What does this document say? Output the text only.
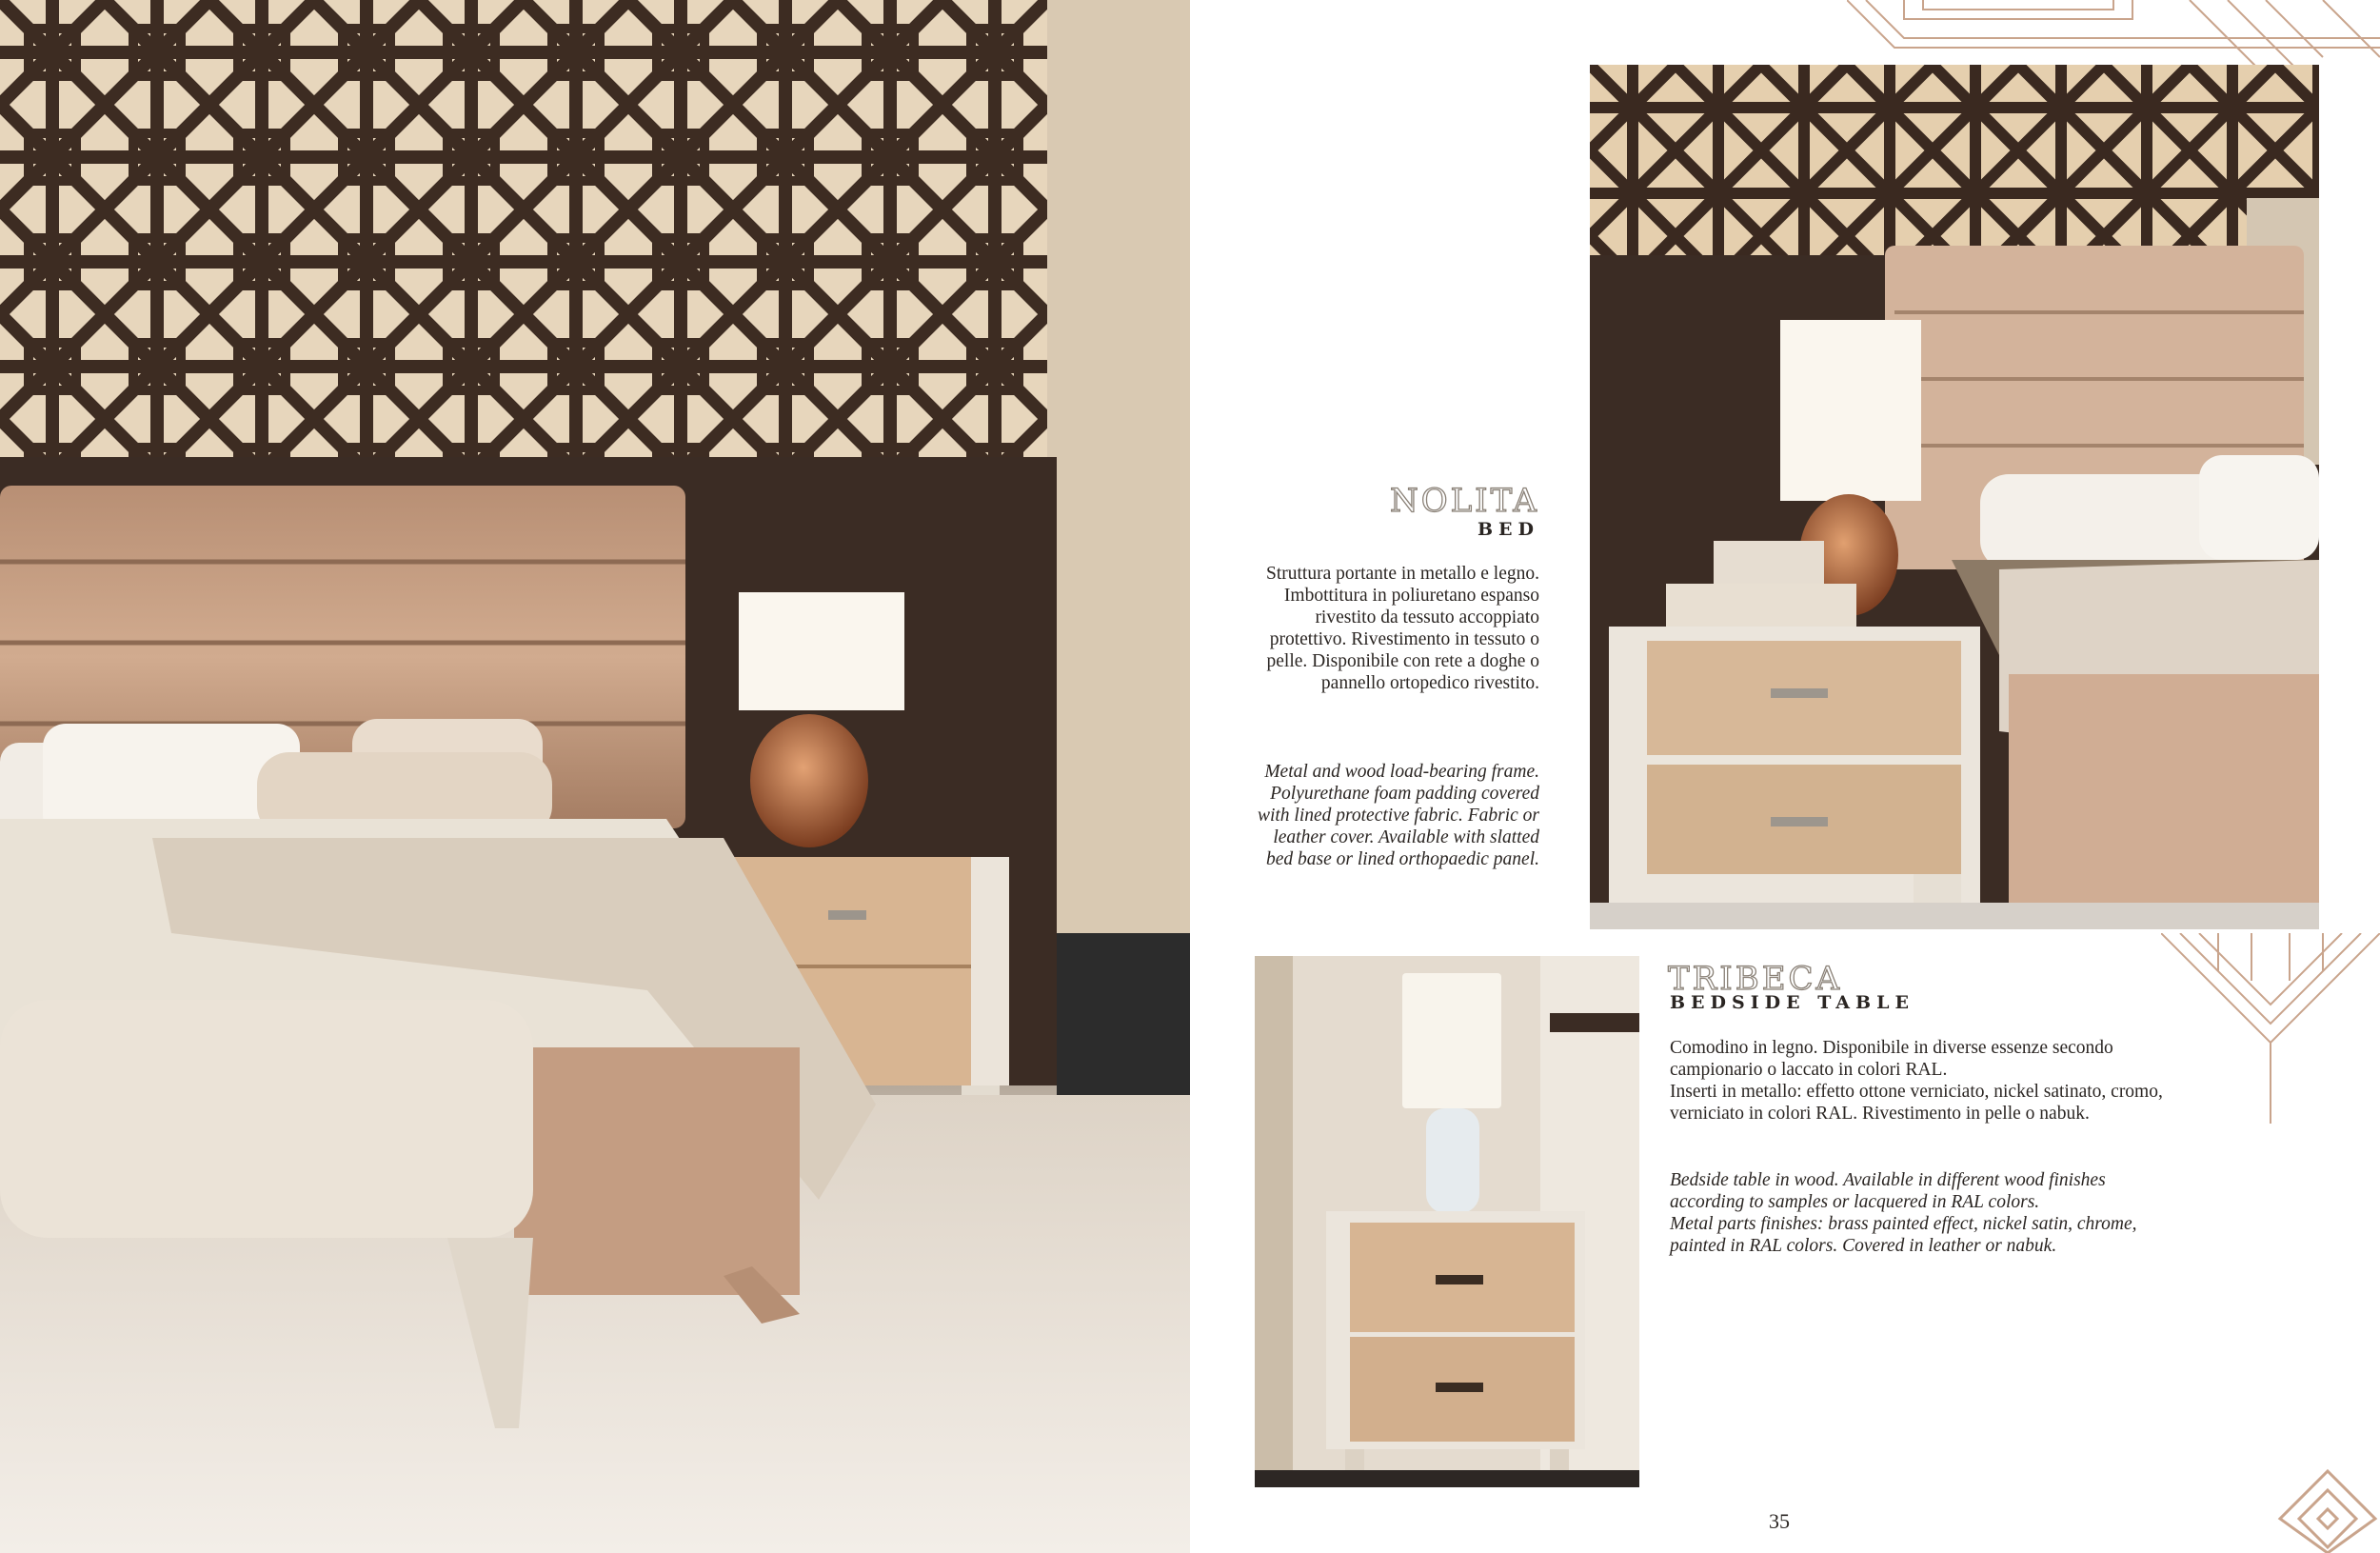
NOLITA
BED
Struttura portante in metallo e legno. Imbottitura in poliuretano espanso rivestito da tessuto accoppiato protettivo. Rivestimento in tessuto o pelle. Disponibile con rete a doghe o pannello ortopedico rivestito.
Metal and wood load-bearing frame. Polyurethane foam padding covered with lined protective fabric. Fabric or leather cover. Available with slatted bed base or lined orthopaedic panel.
TRIBECA
BEDSIDE TABLE
Comodino in legno. Disponibile in diverse essenze secondo campionario o laccato in colori RAL.
Inserti in metallo: effetto ottone verniciato, nickel satinato, cromo, verniciato in colori RAL. Rivestimento in pelle o nabuk.
Bedside table in wood. Available in different wood finishes according to samples or lacquered in RAL colors.
Metal parts finishes: brass painted effect, nickel satin, chrome, painted in RAL colors. Covered in leather or nabuk.
35
